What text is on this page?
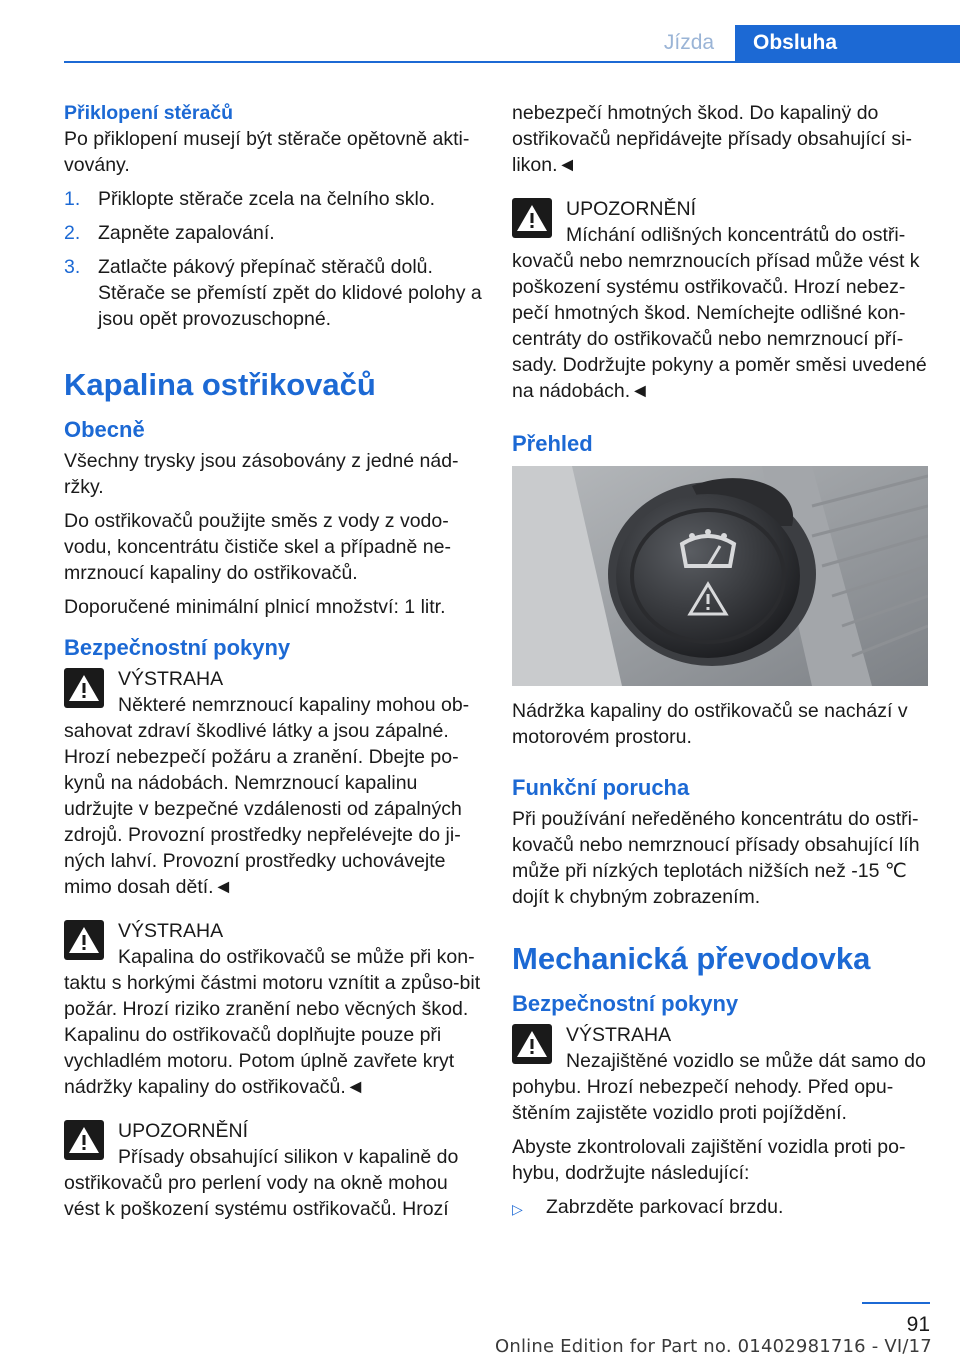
Jízda	Obsluha
Přiklopení stěračů

Po přiklopení musejí být stěrače opětovně akti-vovány.

1. Přiklopte stěrače zcela na čelního sklo.
2. Zapněte zapalování.
3. Zatlačte pákový přepínač stěračů dolů. Stěrače se přemístí zpět do klidové polohy a jsou opět provozuschopné.
Kapalina ostřikovačů
Obecně

Všechny trysky jsou zásobovány z jedné nád-ržky.

Do ostřikovačů použijte směs z vody z vodo-vodu, koncentrátu čističe skel a případně ne-mrznoucí kapaliny do ostřikovačů.

Doporučené minimální plnicí množství: 1 litr.

Bezpečnostní pokyny
VÝSTRAHA
Některé nemrznoucí kapaliny mohou ob-

sahovat zdraví škodlivé látky a jsou zápalné. Hrozí nebezpečí požáru a zranění. Dbejte po-kynů na nádobách. Nemrznoucí kapalinu udržujte v bezpečné vzdálenosti od zápalných zdrojů. Provozní prostředky nepřelévejte do ji-ných lahví. Provozní prostředky uchovávejte mimo dosah dětí.◄

VÝSTRAHA
Kapalina do ostřikovačů se může při kon-

taktu s horkými částmi motoru vznítit a způso-bit požár. Hrozí riziko zranění nebo věcných škod. Kapalinu do ostřikovačů doplňujte pouze při vychladlém motoru. Potom úplně zavřete kryt nádržky kapaliny do ostřikovačů.◄

UPOZORNĚNÍ
Přísady obsahující silikon v kapalině do

ostřikovačů pro perlení vody na okně mohou vést k poškození systému ostřikovačů. Hrozí

nebezpečí hmotných škod. Do kapalinÿ do ostřikovačů nepřidávejte přísady obsahující si-likon.◄

UPOZORNĚNÍ
Míchání odlišných koncentrátů do ostři-

kovačů nebo nemrznoucích přísad může vést k poškození systému ostřikovačů. Hrozí nebez-pečí hmotných škod. Nemíchejte odlišné kon-centráty do ostřikovačů nebo nemrznoucí pří-sady. Dodržujte pokyny a poměr směsi uvedené na nádobách.◄

Přehled

Nádržka kapaliny do ostřikovačů se nachází v motorovém prostoru.

Funkční porucha

Při používání neředěného koncentrátu do ostři-kovačů nebo nemrznoucí přísady obsahující líh může při nízkých teplotách nižších než -15 ℃ dojít k chybným zobrazením.

Mechanická převodovka
Bezpečnostní pokyny
VÝSTRAHA
Nezajištěné vozidlo se může dát samo do

pohybu. Hrozí nebezpečí nehody. Před opu-štěním zajistěte vozidlo proti pojíždění.

Abyste zkontrolovali zajištění vozidla proti po-hybu, dodržujte následující:

▷	Zabrzděte parkovací brzdu.
91
Online Edition for Part no. 01402981716 - VI/17
